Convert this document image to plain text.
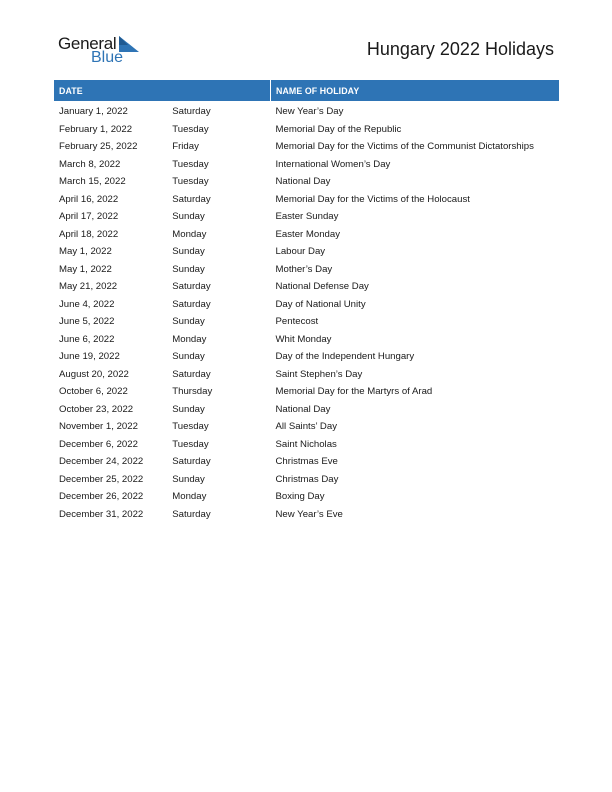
General
Blue	Hungary 2022 Holidays
DATE		NAME OF HOLIDAY
January 1, 2022	Saturday	New Year’s Day
February 1, 2022	Tuesday	Memorial Day of the Republic
February 25, 2022	Friday	Memorial Day for the Victims of the Communist Dictatorships
March 8, 2022	Tuesday	International Women’s Day
March 15, 2022	Tuesday	National Day
April 16, 2022	Saturday	Memorial Day for the Victims of the Holocaust
April 17, 2022	Sunday	Easter Sunday
April 18, 2022	Monday	Easter Monday
May 1, 2022	Sunday	Labour Day
May 1, 2022	Sunday	Mother’s Day
May 21, 2022	Saturday	National Defense Day
June 4, 2022	Saturday	Day of National Unity
June 5, 2022	Sunday	Pentecost
June 6, 2022	Monday	Whit Monday
June 19, 2022	Sunday	Day of the Independent Hungary
August 20, 2022	Saturday	Saint Stephen’s Day
October 6, 2022	Thursday	Memorial Day for the Martyrs of Arad
October 23, 2022	Sunday	National Day
November 1, 2022	Tuesday	All Saints’ Day
December 6, 2022	Tuesday	Saint Nicholas
December 24, 2022	Saturday	Christmas Eve
December 25, 2022	Sunday	Christmas Day
December 26, 2022	Monday	Boxing Day
December 31, 2022	Saturday	New Year’s Eve
